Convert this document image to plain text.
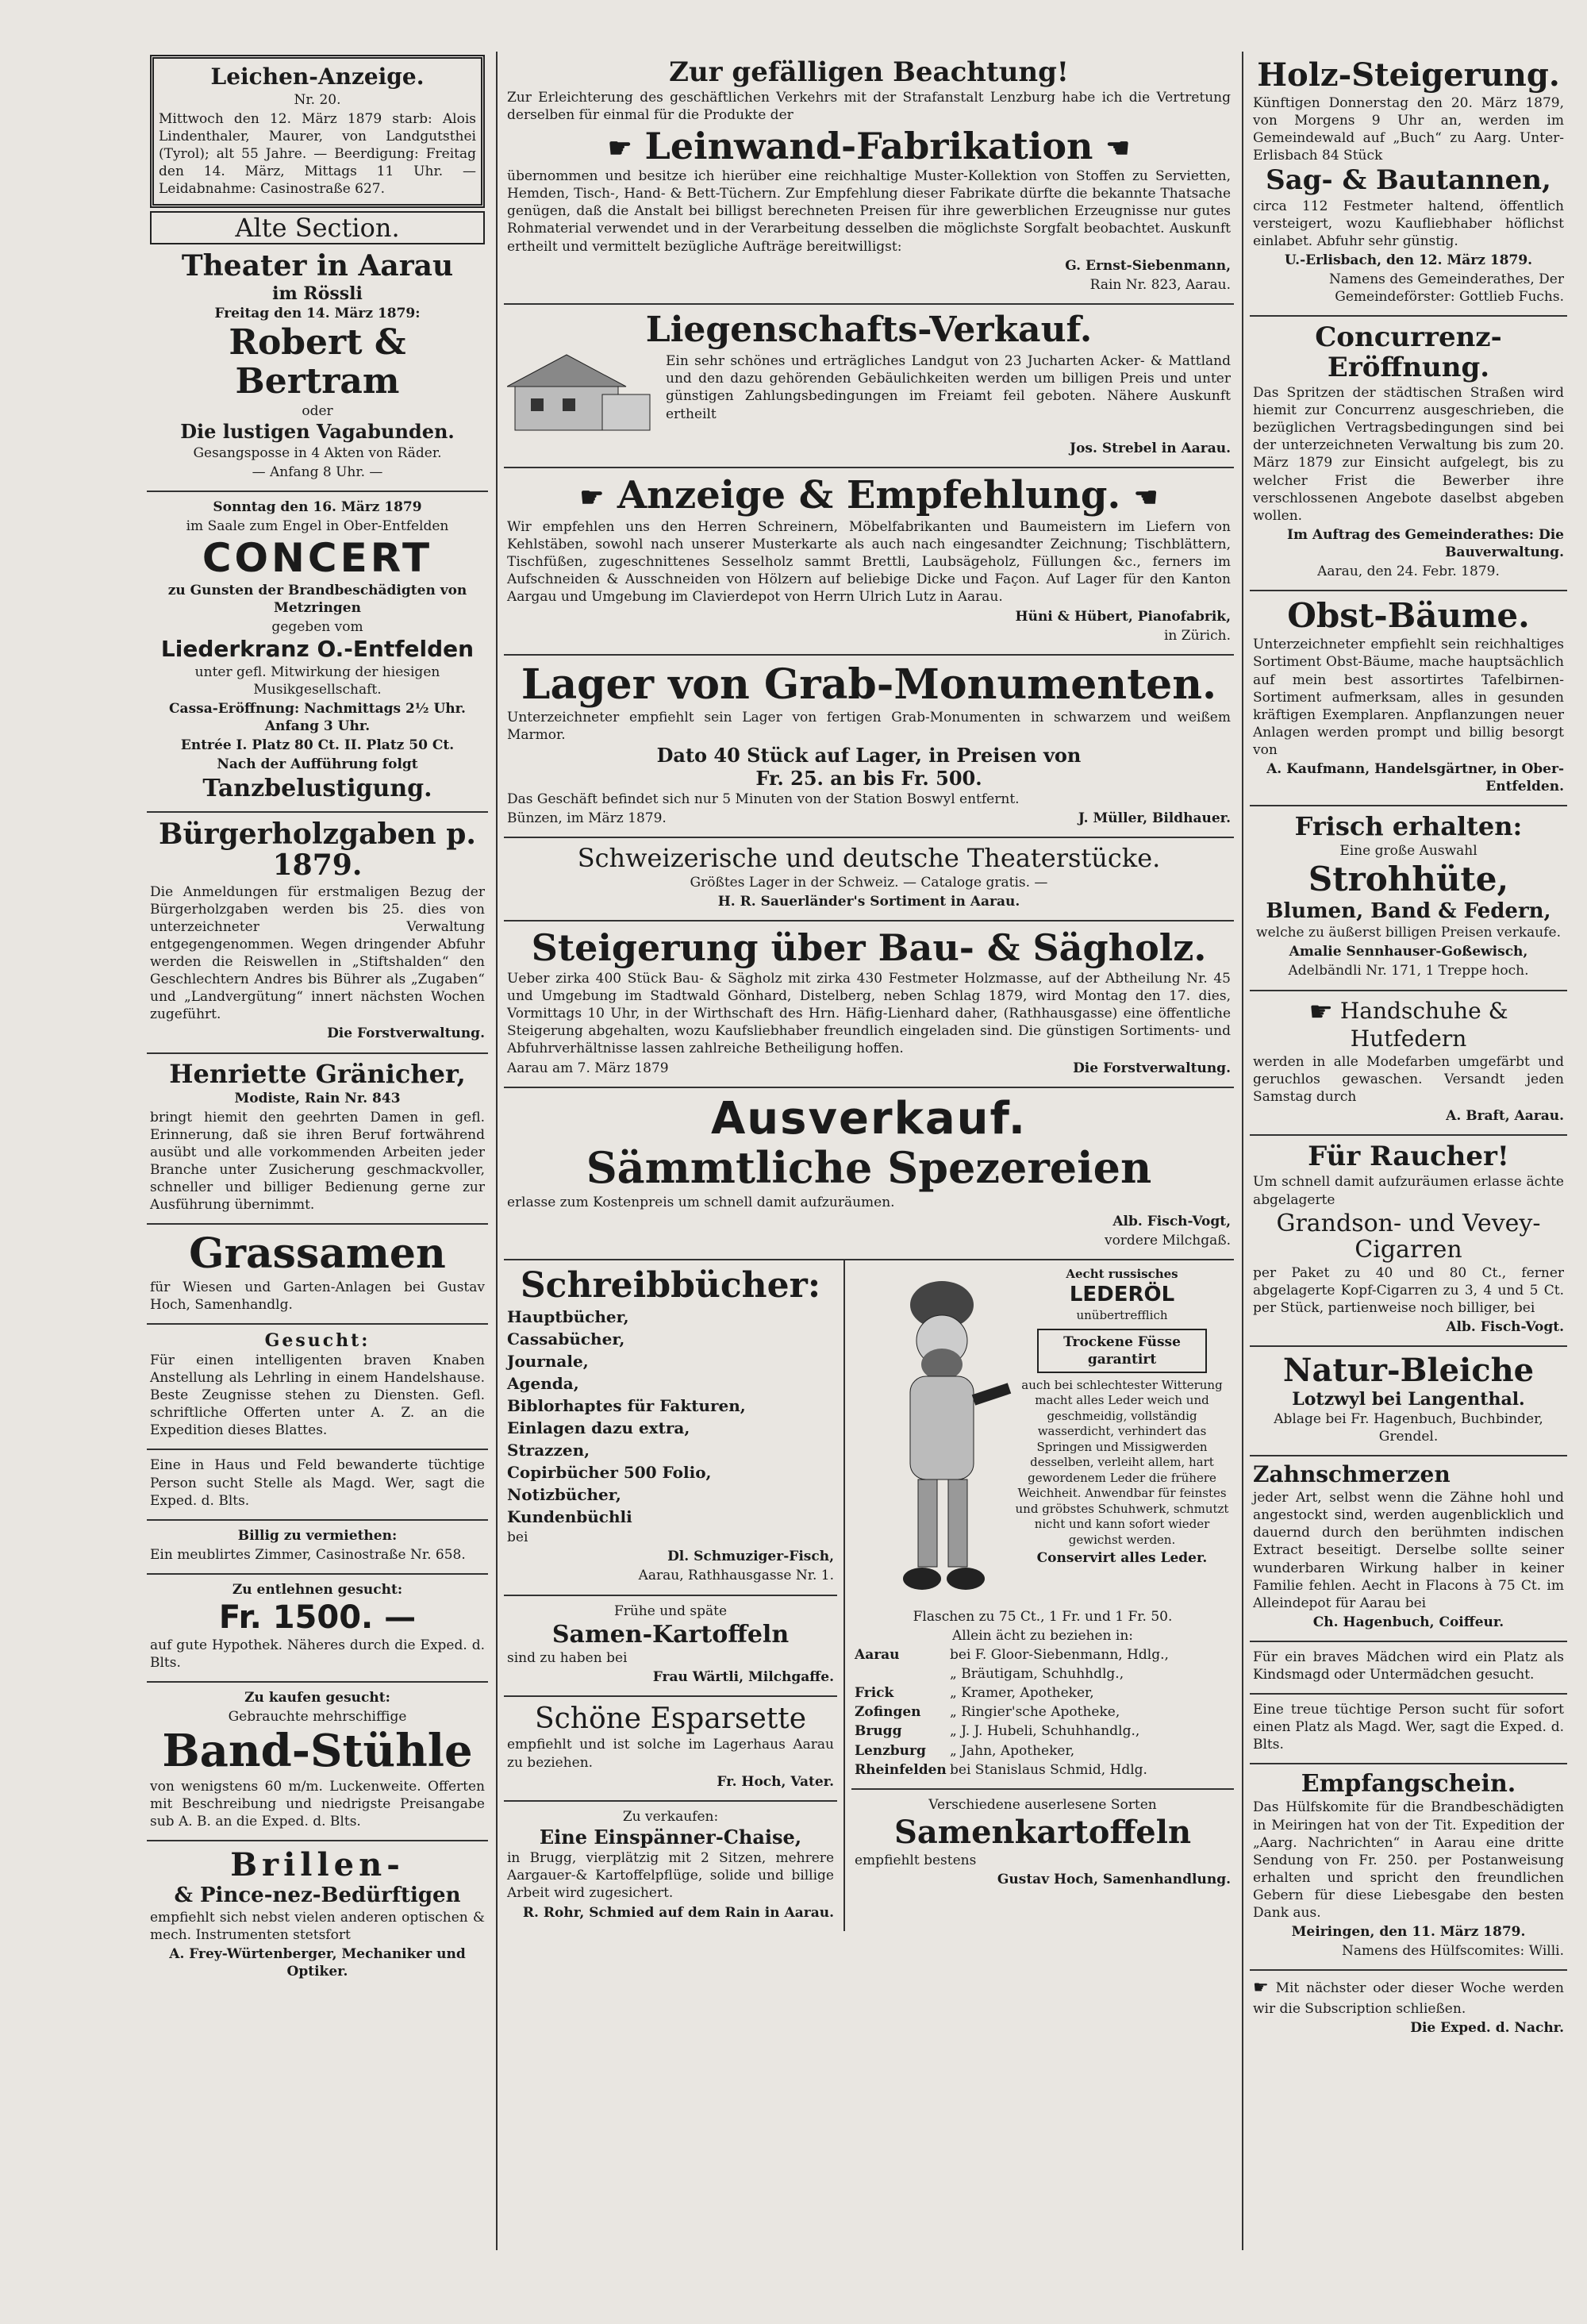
Leichen-Anzeige.
Nr. 20.
Mittwoch den 12. März 1879 starb: Alois Lindenthaler, Maurer, von Landgutsthei (Tyrol); alt 55 Jahre. — Beerdigung: Freitag den 14. März, Mittags 11 Uhr. — Leidabnahme: Casinostraße 627.
Alte Section.
Theater in Aarau
im Rössli
Freitag den 14. März 1879:
Robert & Bertram
oder
Die lustigen Vagabunden.
Gesangsposse in 4 Akten von Räder.
— Anfang 8 Uhr. —
Sonntag den 16. März 1879
im Saale zum Engel in Ober-Entfelden
CONCERT
zu Gunsten der Brandbeschädigten von Metzringen
gegeben vom
Liederkranz O.-Entfelden
unter gefl. Mitwirkung der hiesigen Musikgesellschaft.
Cassa-Eröffnung: Nachmittags 2½ Uhr. Anfang 3 Uhr.
Entrée I. Platz 80 Ct. II. Platz 50 Ct.
Nach der Aufführung folgt
Tanzbelustigung.
Bürgerholzgaben p. 1879.
Die Anmeldungen für erstmaligen Bezug der Bürgerholzgaben werden bis 25. dies von unterzeichneter Verwaltung entgegengenommen. Wegen dringender Abfuhr werden die Reiswellen in „Stiftshalden“ den Geschlechtern Andres bis Bührer als „Zugaben“ und „Landvergütung“ innert nächsten Wochen zugeführt.
Die Forstverwaltung.
Henriette Gränicher,
Modiste, Rain Nr. 843
bringt hiemit den geehrten Damen in gefl. Erinnerung, daß sie ihren Beruf fortwährend ausübt und alle vorkommenden Arbeiten jeder Branche unter Zusicherung geschmackvoller, schneller und billiger Bedienung gerne zur Ausführung übernimmt.
Grassamen
für Wiesen und Garten-Anlagen bei Gustav Hoch, Samenhandlg.
Gesucht:
Für einen intelligenten braven Knaben Anstellung als Lehrling in einem Handelshause. Beste Zeugnisse stehen zu Diensten. Gefl. schriftliche Offerten unter A. Z. an die Expedition dieses Blattes.
Eine in Haus und Feld bewanderte tüchtige Person sucht Stelle als Magd. Wer, sagt die Exped. d. Blts.
Billig zu vermiethen:
Ein meublirtes Zimmer, Casinostraße Nr. 658.
Zu entlehnen gesucht:
Fr. 1500. —
auf gute Hypothek. Näheres durch die Exped. d. Blts.
Zu kaufen gesucht:
Gebrauchte mehrschiffige
Band-Stühle
von wenigstens 60 m/m. Luckenweite. Offerten mit Beschreibung und niedrigste Preisangabe sub A. B. an die Exped. d. Blts.
Brillen-
& Pince-nez-Bedürftigen
empfiehlt sich nebst vielen anderen optischen & mech. Instrumenten stetsfort
A. Frey-Würtenberger, Mechaniker und Optiker.
Zur gefälligen Beachtung!
Zur Erleichterung des geschäftlichen Verkehrs mit der Strafanstalt Lenzburg habe ich die Vertretung derselben für einmal für die Produkte der
☛ Leinwand-Fabrikation ☚
übernommen und besitze ich hierüber eine reichhaltige Muster-Kollektion von Stoffen zu Servietten, Hemden, Tisch-, Hand- & Bett-Tüchern. Zur Empfehlung dieser Fabrikate dürfte die bekannte Thatsache genügen, daß die Anstalt bei billigst berechneten Preisen für ihre gewerblichen Erzeugnisse nur gutes Rohmaterial verwendet und in der Verarbeitung desselben die möglichste Sorgfalt beobachtet. Auskunft ertheilt und vermittelt bezügliche Aufträge bereitwilligst:
G. Ernst-Siebenmann,
Rain Nr. 823, Aarau.
Liegenschafts-Verkauf.
Ein sehr schönes und erträgliches Landgut von 23 Jucharten Acker- & Mattland und den dazu gehörenden Gebäulichkeiten werden um billigen Preis und unter günstigen Zahlungsbedingungen im Freiamt feil geboten. Nähere Auskunft ertheilt
Jos. Strebel in Aarau.
☛ Anzeige & Empfehlung. ☚
Wir empfehlen uns den Herren Schreinern, Möbelfabrikanten und Baumeistern im Liefern von Kehlstäben, sowohl nach unserer Musterkarte als auch nach eingesandter Zeichnung; Tischblättern, Tischfüßen, zugeschnittenes Sesselholz sammt Brettli, Laubsägeholz, Füllungen &c., ferners im Aufschneiden & Ausschneiden von Hölzern auf beliebige Dicke und Façon. Auf Lager für den Kanton Aargau und Umgebung im Clavierdepot von Herrn Ulrich Lutz in Aarau.
Hüni & Hübert, Pianofabrik,
in Zürich.
Lager von Grab-Monumenten.
Unterzeichneter empfiehlt sein Lager von fertigen Grab-Monumenten in schwarzem und weißem Marmor.
Dato 40 Stück auf Lager, in Preisen von
Fr. 25. an bis Fr. 500.
Das Geschäft befindet sich nur 5 Minuten von der Station Boswyl entfernt.
Bünzen, im März 1879.	J. Müller, Bildhauer.
Schweizerische und deutsche Theaterstücke.
Größtes Lager in der Schweiz. — Cataloge gratis. —
H. R. Sauerländer's Sortiment in Aarau.
Steigerung über Bau- & Sägholz.
Ueber zirka 400 Stück Bau- & Sägholz mit zirka 430 Festmeter Holzmasse, auf der Abtheilung Nr. 45 und Umgebung im Stadtwald Gönhard, Distelberg, neben Schlag 1879, wird Montag den 17. dies, Vormittags 10 Uhr, in der Wirthschaft des Hrn. Häfig-Lienhard daher, (Rathhausgasse) eine öffentliche Steigerung abgehalten, wozu Kaufsliebhaber freundlich eingeladen sind. Die günstigen Sortiments- und Abfuhrverhältnisse lassen zahlreiche Betheiligung hoffen.
Aarau am 7. März 1879	Die Forstverwaltung.
Ausverkauf.
Sämmtliche Spezereien
erlasse zum Kostenpreis um schnell damit aufzuräumen.
Alb. Fisch-Vogt,
vordere Milchgaß.
Schreibbücher:
Hauptbücher,
Cassabücher,
Journale,
Agenda,
Biblorhaptes für Fakturen,
Einlagen dazu extra,
Strazzen,
Copirbücher 500 Folio,
Notizbücher,
Kundenbüchli
bei
Dl. Schmuziger-Fisch,
Aarau, Rathhausgasse Nr. 1.
Frühe und späte
Samen-Kartoffeln
sind zu haben bei
Frau Wärtli, Milchgaffe.
Schöne Esparsette
empfiehlt und ist solche im Lagerhaus Aarau zu beziehen.
Fr. Hoch, Vater.
Zu verkaufen:
Eine Einspänner-Chaise,
in Brugg, vierplätzig mit 2 Sitzen, mehrere Aargauer-& Kartoffelpflüge, solide und billige Arbeit wird zugesichert.
R. Rohr, Schmied auf dem Rain in Aarau.
Aecht russisches
LEDERÖL
unübertrefflich
Trockene Füsse garantirt
auch bei schlechtester Witterung macht alles Leder weich und geschmeidig, vollständig wasserdicht, verhindert das Springen und Missigwerden desselben, verleiht allem, hart gewordenem Leder die frühere Weichheit. Anwendbar für feinstes und gröbstes Schuhwerk, schmutzt nicht und kann sofort wieder gewichst werden.
Conservirt alles Leder.
Flaschen zu 75 Ct., 1 Fr. und 1 Fr. 50.
Allein ächt zu beziehen in:
Aarau	bei F. Gloor-Siebenmann, Hdlg.,
„ Bräutigam, Schuhhdlg.,
Frick	„ Kramer, Apotheker,
Zofingen	„ Ringier'sche Apotheke,
Brugg	„ J. J. Hubeli, Schuhhandlg.,
Lenzburg	„ Jahn, Apotheker,
Rheinfelden bei Stanislaus Schmid, Hdlg.
Verschiedene auserlesene Sorten
Samenkartoffeln
empfiehlt bestens
Gustav Hoch, Samenhandlung.
Holz-Steigerung.
Künftigen Donnerstag den 20. März 1879, von Morgens 9 Uhr an, werden im Gemeindewald auf „Buch“ zu Aarg. Unter-Erlisbach 84 Stück
Sag- & Bautannen,
circa 112 Festmeter haltend, öffentlich versteigert, wozu Kaufliebhaber höflichst einlabet. Abfuhr sehr günstig.
U.-Erlisbach, den 12. März 1879.
Namens des Gemeinderathes, Der Gemeindeförster: Gottlieb Fuchs.
Concurrenz-Eröffnung.
Das Spritzen der städtischen Straßen wird hiemit zur Concurrenz ausgeschrieben, die bezüglichen Vertragsbedingungen sind bei der unterzeichneten Verwaltung bis zum 20. März 1879 zur Einsicht aufgelegt, bis zu welcher Frist die Bewerber ihre verschlossenen Angebote daselbst abgeben wollen.
Im Auftrag des Gemeinderathes: Die Bauverwaltung.
Aarau, den 24. Febr. 1879.
Obst-Bäume.
Unterzeichneter empfiehlt sein reichhaltiges Sortiment Obst-Bäume, mache hauptsächlich auf mein best assortirtes Tafelbirnen-Sortiment aufmerksam, alles in gesunden kräftigen Exemplaren. Anpflanzungen neuer Anlagen werden prompt und billig besorgt von
A. Kaufmann, Handelsgärtner, in Ober-Entfelden.
Frisch erhalten:
Eine große Auswahl
Strohhüte,
Blumen, Band & Federn,
welche zu äußerst billigen Preisen verkaufe.
Amalie Sennhauser-Goßewisch,
Adelbändli Nr. 171, 1 Treppe hoch.
☛ Handschuhe & Hutfedern
werden in alle Modefarben umgefärbt und geruchlos gewaschen. Versandt jeden Samstag durch
A. Braft, Aarau.
Für Raucher!
Um schnell damit aufzuräumen erlasse ächte abgelagerte
Grandson- und Vevey-Cigarren
per Paket zu 40 und 80 Ct., ferner abgelagerte Kopf-Cigarren zu 3, 4 und 5 Ct. per Stück, partienweise noch billiger, bei
Alb. Fisch-Vogt.
Natur-Bleiche
Lotzwyl bei Langenthal.
Ablage bei Fr. Hagenbuch, Buchbinder, Grendel.
Zahnschmerzen
jeder Art, selbst wenn die Zähne hohl und angestockt sind, werden augenblicklich und dauernd durch den berühmten indischen Extract beseitigt. Derselbe sollte seiner wunderbaren Wirkung halber in keiner Familie fehlen. Aecht in Flacons à 75 Ct. im Alleindepot für Aarau bei
Ch. Hagenbuch, Coiffeur.
Für ein braves Mädchen wird ein Platz als Kindsmagd oder Untermädchen gesucht.
Eine treue tüchtige Person sucht für sofort einen Platz als Magd. Wer, sagt die Exped. d. Blts.
Empfangschein.
Das Hülfskomite für die Brandbeschädigten in Meiringen hat von der Tit. Expedition der „Aarg. Nachrichten“ in Aarau eine dritte Sendung von Fr. 250. per Postanweisung erhalten und spricht den freundlichen Gebern für diese Liebesgabe den besten Dank aus.
Meiringen, den 11. März 1879.
Namens des Hülfscomites: Willi.
☛ Mit nächster oder dieser Woche werden wir die Subscription schließen.
Die Exped. d. Nachr.
